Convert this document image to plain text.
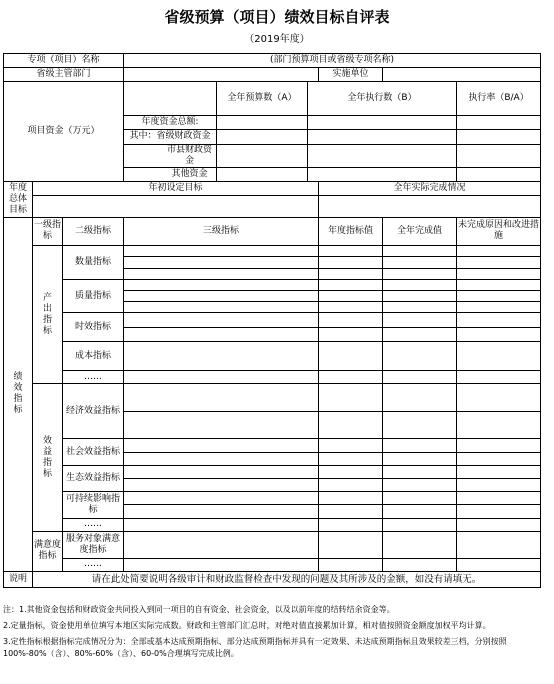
省级预算（项目）绩效目标自评表
（2019年度）
专项（项目）名称			(部门预算项目或省级专项名称)					
省级主管部门						实施单位		
项目资金（万元）				全年预算数（A）	全年执行数（B）			执行率（B/A）
			年度资金总额:					
			其中：省级财政资金					
			市县财政资金					
			其他资金					
年度总体目标	年初设定目标					全年实际完成情况		

绩效指标	一级指标	二级指标	三级指标			年度指标值	全年完成值	未完成原因和改进措施
	产出指标	数量指标						

		质量指标						

		时效指标						

		成本指标						
		……						
	效益指标	经济效益指标						

		社会效益指标						

		生态效益指标						

		可持续影响指标						

		……						
	满意度指标	服务对象满意度指标						
		……						
说明	请在此处简要说明各级审计和财政监督检查中发现的问题及其所涉及的金额，如没有请填无。							

注：1.其他资金包括和财政资金共同投入到同一项目的自有资金、社会资金，以及以前年度的结转结余资金等。

2.定量指标，资金使用单位填写本地区实际完成数。财政和主管部门汇总时，对绝对值直接累加计算，相对值按照资金额度加权平均计算。

3.定性指标根据指标完成情况分为：全部或基本达成预期指标、部分达成预期指标并具有一定效果、未达成预期指标且效果较差三档，分别按照100%-80%（含）、80%-60%（含）、60-0%合理填写完成比例。
